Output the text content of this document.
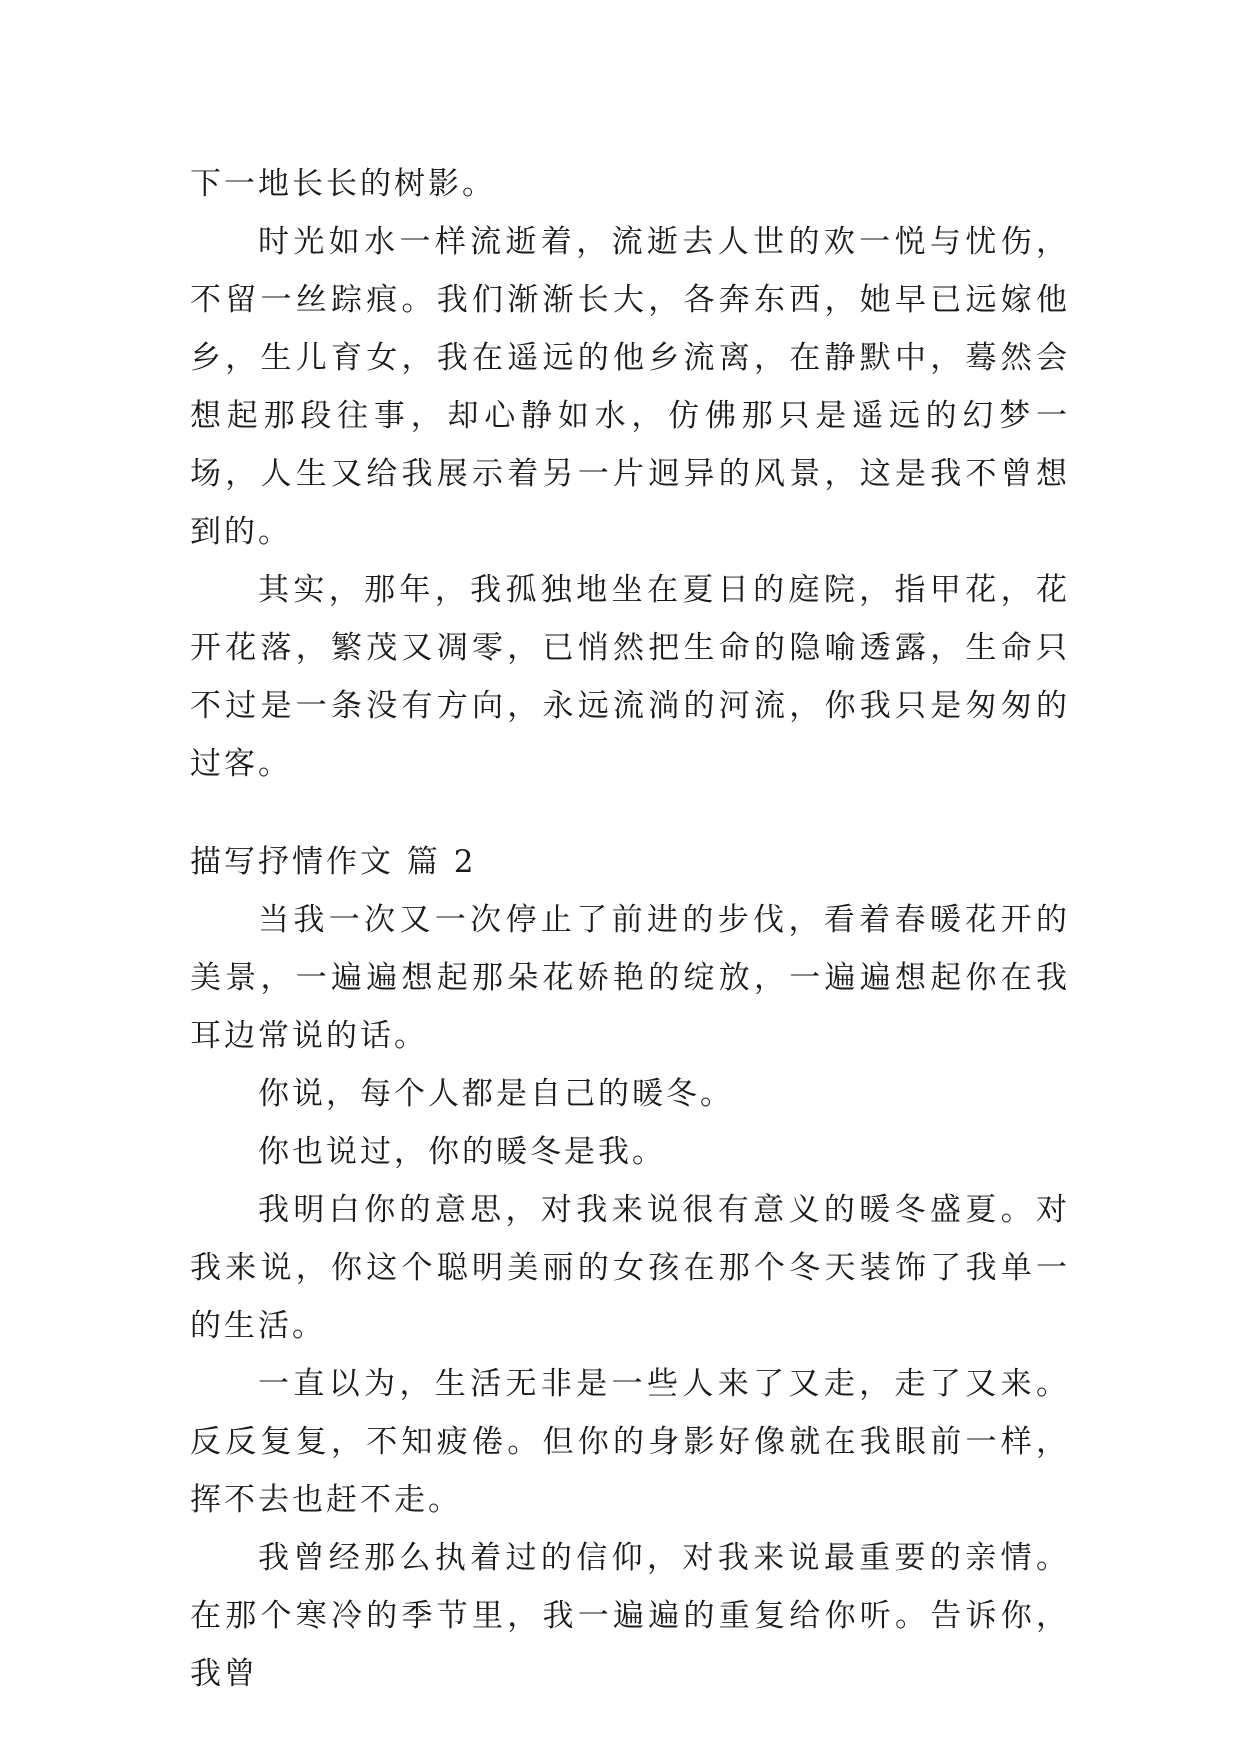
下一地长长的树影。

时光如水一样流逝着，流逝去人世的欢一悦与忧伤，不留一丝踪痕。我们渐渐长大，各奔东西，她早已远嫁他乡，生儿育女，我在遥远的他乡流离，在静默中，蓦然会想起那段往事，却心静如水，仿佛那只是遥远的幻梦一场，人生又给我展示着另一片迥异的风景，这是我不曾想到的。

其实，那年，我孤独地坐在夏日的庭院，指甲花，花开花落，繁茂又凋零，已悄然把生命的隐喻透露，生命只不过是一条没有方向，永远流淌的河流，你我只是匆匆的过客。

描写抒情作文 篇 2

当我一次又一次停止了前进的步伐，看着春暖花开的美景，一遍遍想起那朵花娇艳的绽放，一遍遍想起你在我耳边常说的话。

你说，每个人都是自己的暖冬。

你也说过，你的暖冬是我。

我明白你的意思，对我来说很有意义的暖冬盛夏。对我来说，你这个聪明美丽的女孩在那个冬天装饰了我单一的生活。

一直以为，生活无非是一些人来了又走，走了又来。反反复复，不知疲倦。但你的身影好像就在我眼前一样，挥不去也赶不走。

我曾经那么执着过的信仰，对我来说最重要的亲情。在那个寒冷的季节里，我一遍遍的重复给你听。告诉你，我曾
